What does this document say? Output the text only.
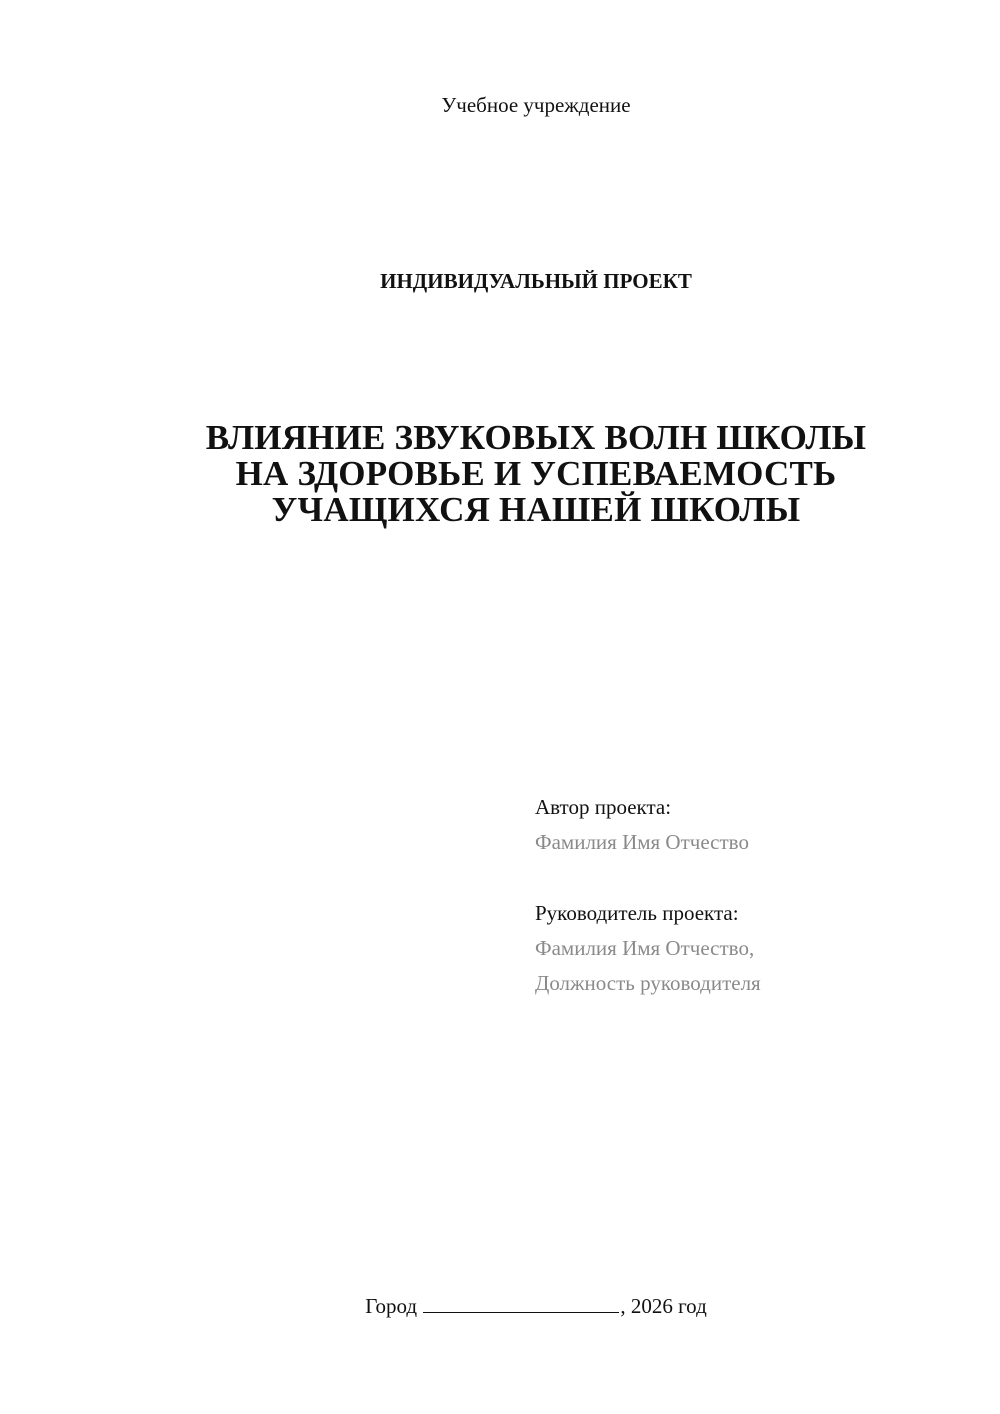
Учебное учреждение
ИНДИВИДУАЛЬНЫЙ ПРОЕКТ
ВЛИЯНИЕ ЗВУКОВЫХ ВОЛН ШКОЛЫ
НА ЗДОРОВЬЕ И УСПЕВАЕМОСТЬ
УЧАЩИХСЯ НАШЕЙ ШКОЛЫ
Автор проекта:
Фамилия Имя Отчество
Руководитель проекта:
Фамилия Имя Отчество,
Должность руководителя
Город	, 2026 год
